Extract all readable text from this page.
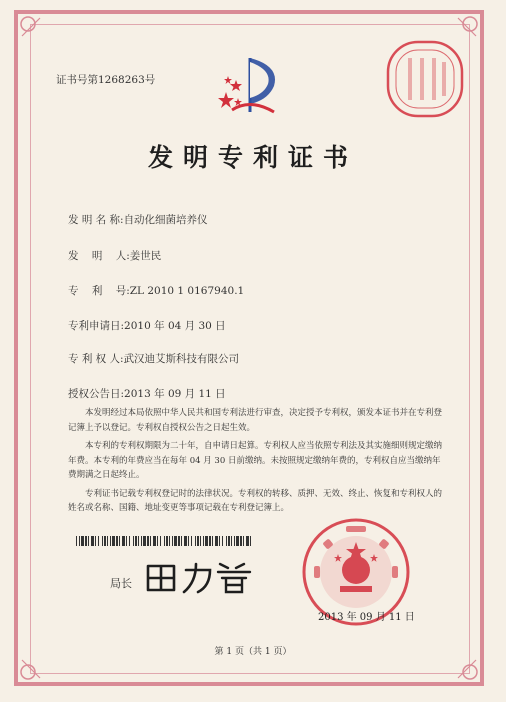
证书号第1268263号
发明专利证书
发 明 名 称:自动化细菌培养仪
发    明    人:姜世民
专    利    号:ZL 2010 1 0167940.1
专利申请日:2010 年 04 月 30 日
专 利 权 人:武汉迪艾斯科技有限公司
授权公告日:2013 年 09 月 11 日

本发明经过本局依照中华人民共和国专利法进行审查，决定授予专利权，颁发本证书并在专利登记簿上予以登记。专利权自授权公告之日起生效。

本专利的专利权期限为二十年，自申请日起算。专利权人应当依照专利法及其实施细则规定缴纳年费。本专利的年费应当在每年 04 月 30 日前缴纳。未按照规定缴纳年费的，专利权自应当缴纳年费期满之日起终止。

专利证书记载专利权登记时的法律状况。专利权的转移、质押、无效、终止、恢复和专利权人的姓名或名称、国籍、地址变更等事项记载在专利登记簿上。

局长
2013 年 09 月 11 日
第 1 页（共 1 页）
